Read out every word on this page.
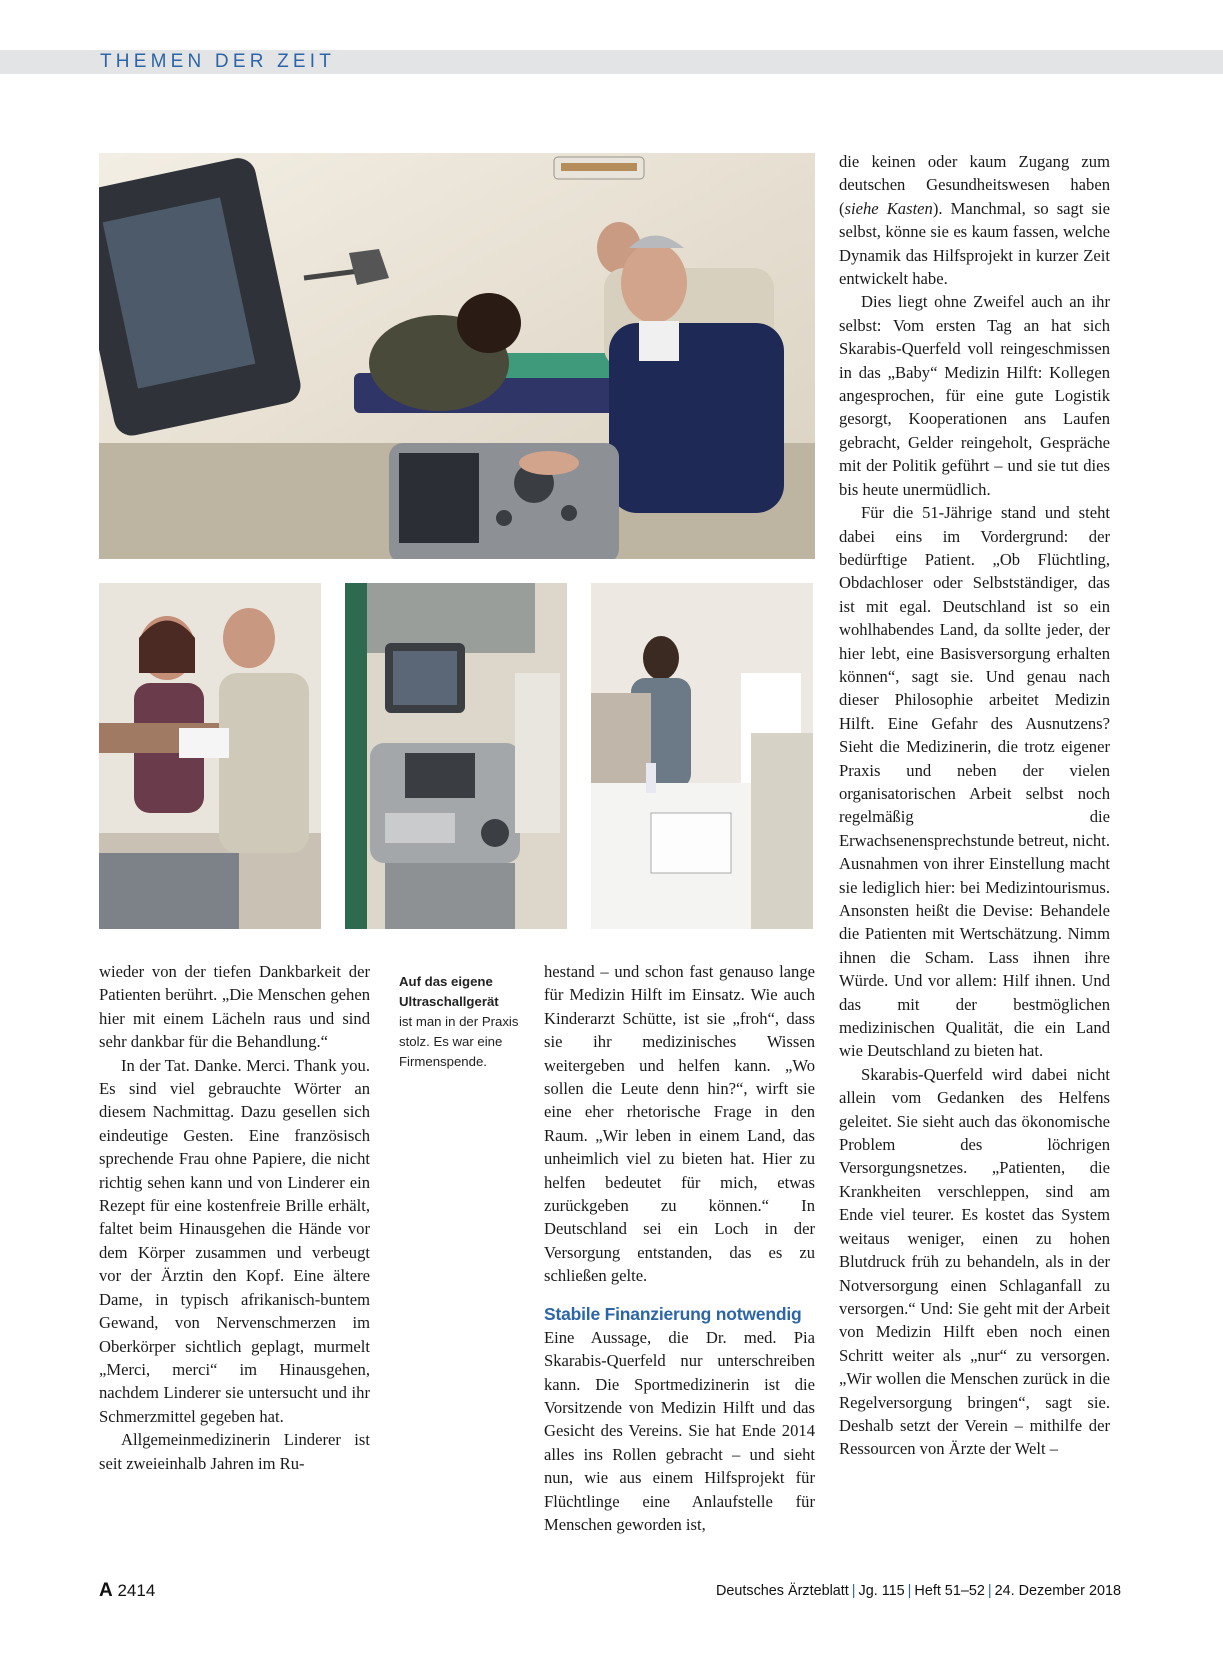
THEMEN DER ZEIT
Auf das eigene Ultraschallgerät
ist man in der Praxis stolz. Es war eine Firmenspende.

wieder von der tiefen Dankbarkeit der Patienten berührt. „Die Menschen gehen hier mit einem Lächeln raus und sind sehr dankbar für die Behandlung.“

In der Tat. Danke. Merci. Thank you. Es sind viel gebrauchte Wörter an diesem Nachmittag. Dazu gesellen sich eindeutige Gesten. Eine französisch sprechende Frau ohne Papiere, die nicht richtig sehen kann und von Linderer ein Rezept für eine kostenfreie Brille erhält, faltet beim Hinausgehen die Hände vor dem Körper zusammen und verbeugt vor der Ärztin den Kopf. Eine ältere Dame, in typisch afrikanisch-buntem Gewand, von Nervenschmerzen im Oberkörper sichtlich geplagt, murmelt „Merci, merci“ im Hinausgehen, nachdem Linderer sie untersucht und ihr Schmerzmittel gegeben hat.

Allgemeinmedizinerin Linderer ist seit zweieinhalb Jahren im Ru-

hestand – und schon fast genauso lange für Medizin Hilft im Einsatz. Wie auch Kinderarzt Schütte, ist sie „froh“, dass sie ihr medizinisches Wissen weitergeben und helfen kann. „Wo sollen die Leute denn hin?“, wirft sie eine eher rhetorische Frage in den Raum. „Wir leben in einem Land, das unheimlich viel zu bieten hat. Hier zu helfen bedeutet für mich, etwas zurückgeben zu können.“ In Deutschland sei ein Loch in der Versorgung entstanden, das es zu schließen gelte.

Stabile Finanzierung notwendig

Eine Aussage, die Dr. med. Pia Skarabis-Querfeld nur unterschreiben kann. Die Sportmedizinerin ist die Vorsitzende von Medizin Hilft und das Gesicht des Vereins. Sie hat Ende 2014 alles ins Rollen gebracht – und sieht nun, wie aus einem Hilfsprojekt für Flüchtlinge eine Anlaufstelle für Menschen geworden ist,

die keinen oder kaum Zugang zum deutschen Gesundheitswesen haben (siehe Kasten). Manchmal, so sagt sie selbst, könne sie es kaum fassen, welche Dynamik das Hilfsprojekt in kurzer Zeit entwickelt habe.

Dies liegt ohne Zweifel auch an ihr selbst: Vom ersten Tag an hat sich Skarabis-Querfeld voll reingeschmissen in das „Baby“ Medizin Hilft: Kollegen angesprochen, für eine gute Logistik gesorgt, Kooperationen ans Laufen gebracht, Gelder reingeholt, Gespräche mit der Politik geführt – und sie tut dies bis heute unermüdlich.

Für die 51-Jährige stand und steht dabei eins im Vordergrund: der bedürftige Patient. „Ob Flüchtling, Obdachloser oder Selbstständiger, das ist mit egal. Deutschland ist so ein wohlhabendes Land, da sollte jeder, der hier lebt, eine Basisversorgung erhalten können“, sagt sie. Und genau nach dieser Philosophie arbeitet Medizin Hilft. Eine Gefahr des Ausnutzens? Sieht die Medizinerin, die trotz eigener Praxis und neben der vielen organisatorischen Arbeit selbst noch regelmäßig die Erwachsenensprechstunde betreut, nicht. Ausnahmen von ihrer Einstellung macht sie lediglich hier: bei Medizintourismus. Ansonsten heißt die Devise: Behandele die Patienten mit Wertschätzung. Nimm ihnen die Scham. Lass ihnen ihre Würde. Und vor allem: Hilf ihnen. Und das mit der bestmöglichen medizinischen Qualität, die ein Land wie Deutschland zu bieten hat.

Skarabis-Querfeld wird dabei nicht allein vom Gedanken des Helfens geleitet. Sie sieht auch das ökonomische Problem des löchrigen Versorgungsnetzes. „Patienten, die Krankheiten verschleppen, sind am Ende viel teurer. Es kostet das System weitaus weniger, einen zu hohen Blutdruck früh zu behandeln, als in der Notversorgung einen Schlaganfall zu versorgen.“ Und: Sie geht mit der Arbeit von Medizin Hilft eben noch einen Schritt weiter als „nur“ zu versorgen. „Wir wollen die Menschen zurück in die Regelversorgung bringen“, sagt sie. Deshalb setzt der Verein – mithilfe der Ressourcen von Ärzte der Welt –

A 2414	Deutsches Ärzteblatt | Jg. 115 | Heft 51–52 | 24. Dezember 2018
